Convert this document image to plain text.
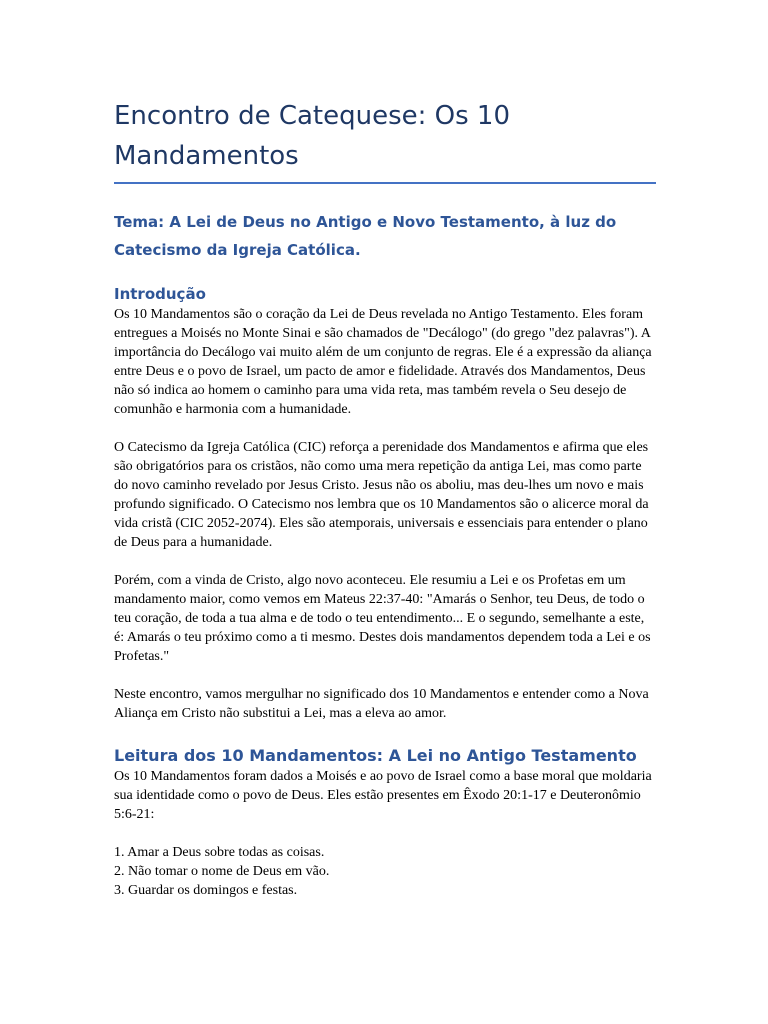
Encontro de Catequese: Os 10 Mandamentos

Tema: A Lei de Deus no Antigo e Novo Testamento, à luz do Catecismo da Igreja Católica.

Introdução

Os 10 Mandamentos são o coração da Lei de Deus revelada no Antigo Testamento. Eles foram entregues a Moisés no Monte Sinai e são chamados de "Decálogo" (do grego "dez palavras"). A importância do Decálogo vai muito além de um conjunto de regras. Ele é a expressão da aliança entre Deus e o povo de Israel, um pacto de amor e fidelidade. Através dos Mandamentos, Deus não só indica ao homem o caminho para uma vida reta, mas também revela o Seu desejo de comunhão e harmonia com a humanidade.

O Catecismo da Igreja Católica (CIC) reforça a perenidade dos Mandamentos e afirma que eles são obrigatórios para os cristãos, não como uma mera repetição da antiga Lei, mas como parte do novo caminho revelado por Jesus Cristo. Jesus não os aboliu, mas deu-lhes um novo e mais profundo significado. O Catecismo nos lembra que os 10 Mandamentos são o alicerce moral da vida cristã (CIC 2052-2074). Eles são atemporais, universais e essenciais para entender o plano de Deus para a humanidade.

Porém, com a vinda de Cristo, algo novo aconteceu. Ele resumiu a Lei e os Profetas em um mandamento maior, como vemos em Mateus 22:37-40: "Amarás o Senhor, teu Deus, de todo o teu coração, de toda a tua alma e de todo o teu entendimento... E o segundo, semelhante a este, é: Amarás o teu próximo como a ti mesmo. Destes dois mandamentos dependem toda a Lei e os Profetas."

Neste encontro, vamos mergulhar no significado dos 10 Mandamentos e entender como a Nova Aliança em Cristo não substitui a Lei, mas a eleva ao amor.

Leitura dos 10 Mandamentos: A Lei no Antigo Testamento

Os 10 Mandamentos foram dados a Moisés e ao povo de Israel como a base moral que moldaria sua identidade como o povo de Deus. Eles estão presentes em Êxodo 20:1-17 e Deuteronômio 5:6-21:

1. Amar a Deus sobre todas as coisas.

2. Não tomar o nome de Deus em vão.

3. Guardar os domingos e festas.
